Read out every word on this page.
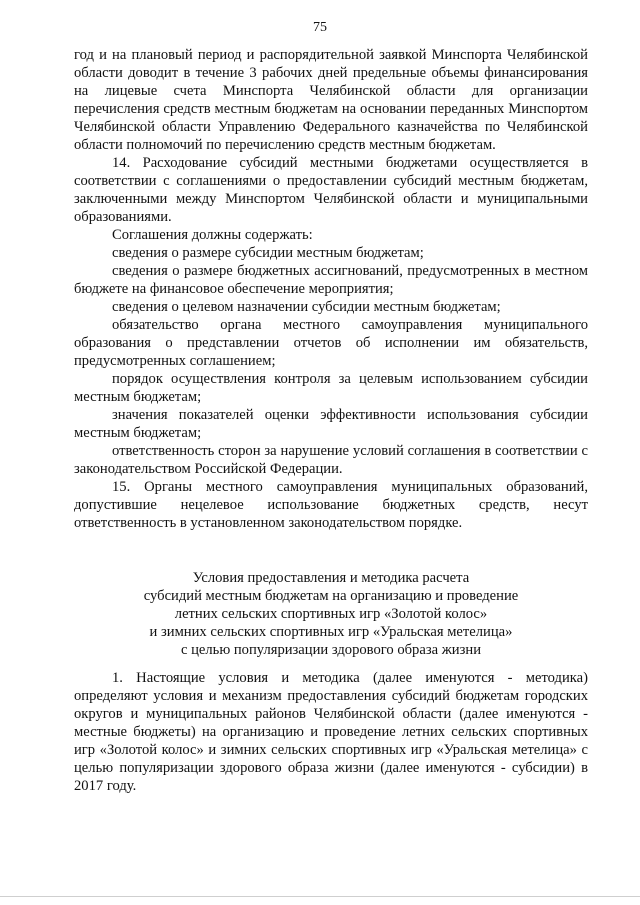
75

год и на плановый период и распорядительной заявкой Минспорта Челябинской области доводит в течение 3 рабочих дней предельные объемы финансирования на лицевые счета Минспорта Челябинской области для организации перечисления средств местным бюджетам на основании переданных Минспортом Челябинской области Управлению Федерального казначейства по Челябинской области полномочий по перечислению средств местным бюджетам.

14. Расходование субсидий местными бюджетами осуществляется в соответствии с соглашениями о предоставлении субсидий местным бюджетам, заключенными между Минспортом Челябинской области и муниципальными образованиями.

Соглашения должны содержать:

сведения о размере субсидии местным бюджетам;

сведения о размере бюджетных ассигнований, предусмотренных в местном бюджете на финансовое обеспечение мероприятия;

сведения о целевом назначении субсидии местным бюджетам;

обязательство органа местного самоуправления муниципального образования о представлении отчетов об исполнении им обязательств, предусмотренных соглашением;

порядок осуществления контроля за целевым использованием субсидии местным бюджетам;

значения показателей оценки эффективности использования субсидии местным бюджетам;

ответственность сторон за нарушение условий соглашения в соответствии с законодательством Российской Федерации.

15. Органы местного самоуправления муниципальных образований, допустившие нецелевое использование бюджетных средств, несут ответственность в установленном законодательством порядке.

Условия предоставления и методика расчета
субсидий местным бюджетам на организацию и проведение
летних сельских спортивных игр «Золотой колос»
и зимних сельских спортивных игр «Уральская метелица»
с целью популяризации здорового образа жизни

1. Настоящие условия и методика (далее именуются - методика) определяют условия и механизм предоставления субсидий бюджетам городских округов и муниципальных районов Челябинской области (далее именуются - местные бюджеты) на организацию и проведение летних сельских спортивных игр «Золотой колос» и зимних сельских спортивных игр «Уральская метелица» с целью популяризации здорового образа жизни (далее именуются - субсидии) в 2017 году.
